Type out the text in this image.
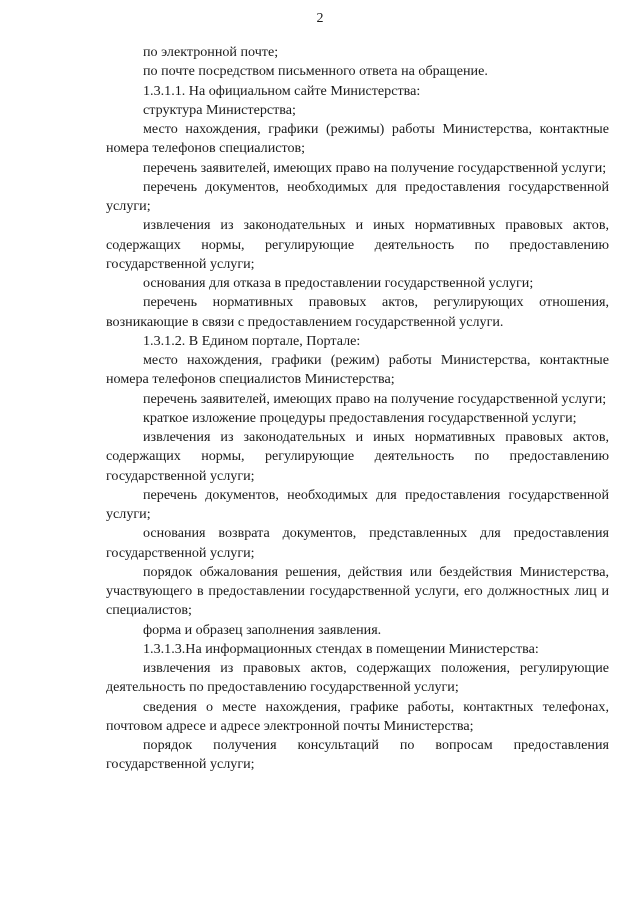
2

по электронной почте;

по почте посредством письменного ответа на обращение.

1.3.1.1. На официальном сайте Министерства:

структура Министерства;

место нахождения, графики (режимы) работы Министерства, контактные номера телефонов специалистов;

перечень заявителей, имеющих право на получение государственной услуги;

перечень документов, необходимых для предоставления государственной услуги;

извлечения из законодательных и иных нормативных правовых актов, содержащих нормы, регулирующие деятельность по предоставлению государственной услуги;

основания для отказа в предоставлении государственной услуги;

перечень нормативных правовых актов, регулирующих отношения, возникающие в связи с предоставлением государственной услуги.

1.3.1.2. В Едином портале, Портале:

место нахождения, графики (режим) работы Министерства, контактные номера телефонов специалистов Министерства;

перечень заявителей, имеющих право на получение государственной услуги;

краткое изложение процедуры предоставления государственной услуги;

извлечения из законодательных и иных нормативных правовых актов, содержащих нормы, регулирующие деятельность по предоставлению государственной услуги;

перечень документов, необходимых для предоставления государственной услуги;

основания возврата документов, представленных для предоставления государственной услуги;

порядок обжалования решения, действия или бездействия Министерства, участвующего в предоставлении государственной услуги, его должностных лиц и специалистов;

форма и образец заполнения заявления.

1.3.1.3.На информационных стендах в помещении Министерства:

извлечения из правовых актов, содержащих положения, регулирующие деятельность по предоставлению государственной услуги;

сведения о месте нахождения, графике работы, контактных телефонах, почтовом адресе и адресе электронной почты Министерства;

порядок получения консультаций по вопросам предоставления государственной услуги;
